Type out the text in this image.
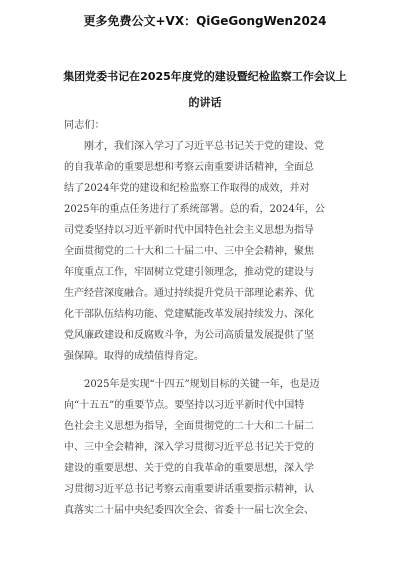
更多免费公文+VX：QiGeGongWen2024
集团党委书记在2025年度党的建设暨纪检监察工作会议上
的讲话
同志们：
　　刚才，我们深入学习了习近平总书记关于党的建设、党
的自我革命的重要思想和考察云南重要讲话精神，全面总
结了2024年党的建设和纪检监察工作取得的成效，并对
2025年的重点任务进行了系统部署。总的看，2024年，公
司党委坚持以习近平新时代中国特色社会主义思想为指导
全面贯彻党的二十大和二十届二中、三中全会精神，聚焦
年度重点工作，牢固树立党建引领理念，推动党的建设与
生产经营深度融合。通过持续提升党员干部理论素养、优
化干部队伍结构功能、党建赋能改革发展持续发力、深化
党风廉政建设和反腐败斗争，为公司高质量发展提供了坚
强保障。取得的成绩值得肯定。
　　2025年是实现“十四五”规划目标的关键一年，也是迈
向“十五五”的重要节点。要坚持以习近平新时代中国特
色社会主义思想为指导，全面贯彻党的二十大和二十届二
中、三中全会精神，深入学习贯彻习近平总书记关于党的
建设的重要思想、关于党的自我革命的重要思想，深入学
习贯彻习近平总书记考察云南重要讲话重要指示精神，认
真落实二十届中央纪委四次全会、省委十一届七次全会、
